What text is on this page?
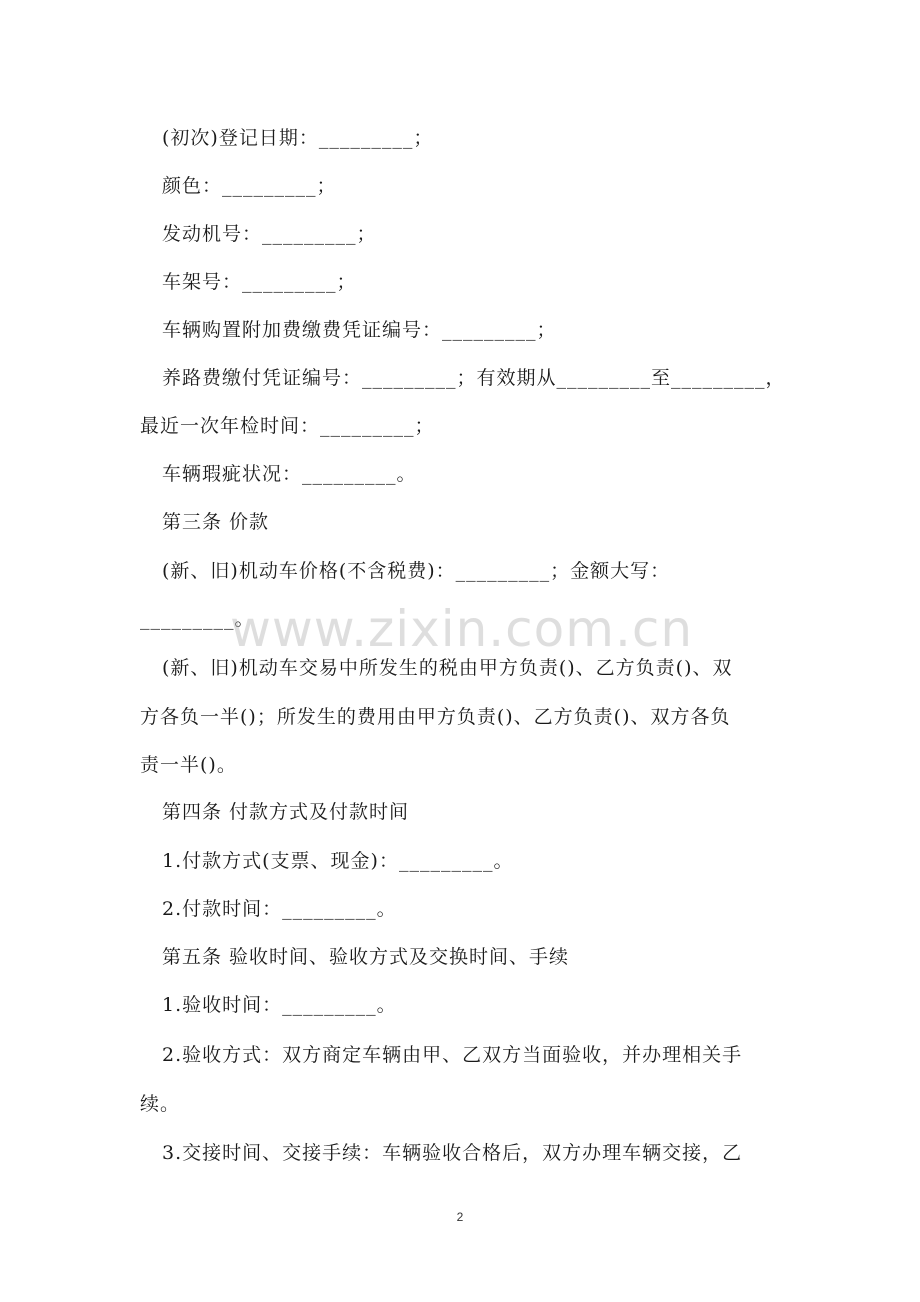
(初次)登记日期：_________；
颜色：_________；
发动机号：_________；
车架号：_________；
车辆购置附加费缴费凭证编号：_________；
养路费缴付凭证编号：_________；有效期从_________至_________，
最近一次年检时间：_________；
车辆瑕疵状况：_________。
第三条 价款
(新、旧)机动车价格(不含税费)：_________；金额大写：
_________。
(新、旧)机动车交易中所发生的税由甲方负责()、乙方负责()、双
方各负一半()；所发生的费用由甲方负责()、乙方负责()、双方各负
责一半()。
第四条 付款方式及付款时间
1.付款方式(支票、现金)：_________。
2.付款时间：_________。
第五条 验收时间、验收方式及交换时间、手续
1.验收时间：_________。
2.验收方式：双方商定车辆由甲、乙双方当面验收，并办理相关手
续。
3.交接时间、交接手续：车辆验收合格后，双方办理车辆交接，乙
www.zixin.com.cn
2
